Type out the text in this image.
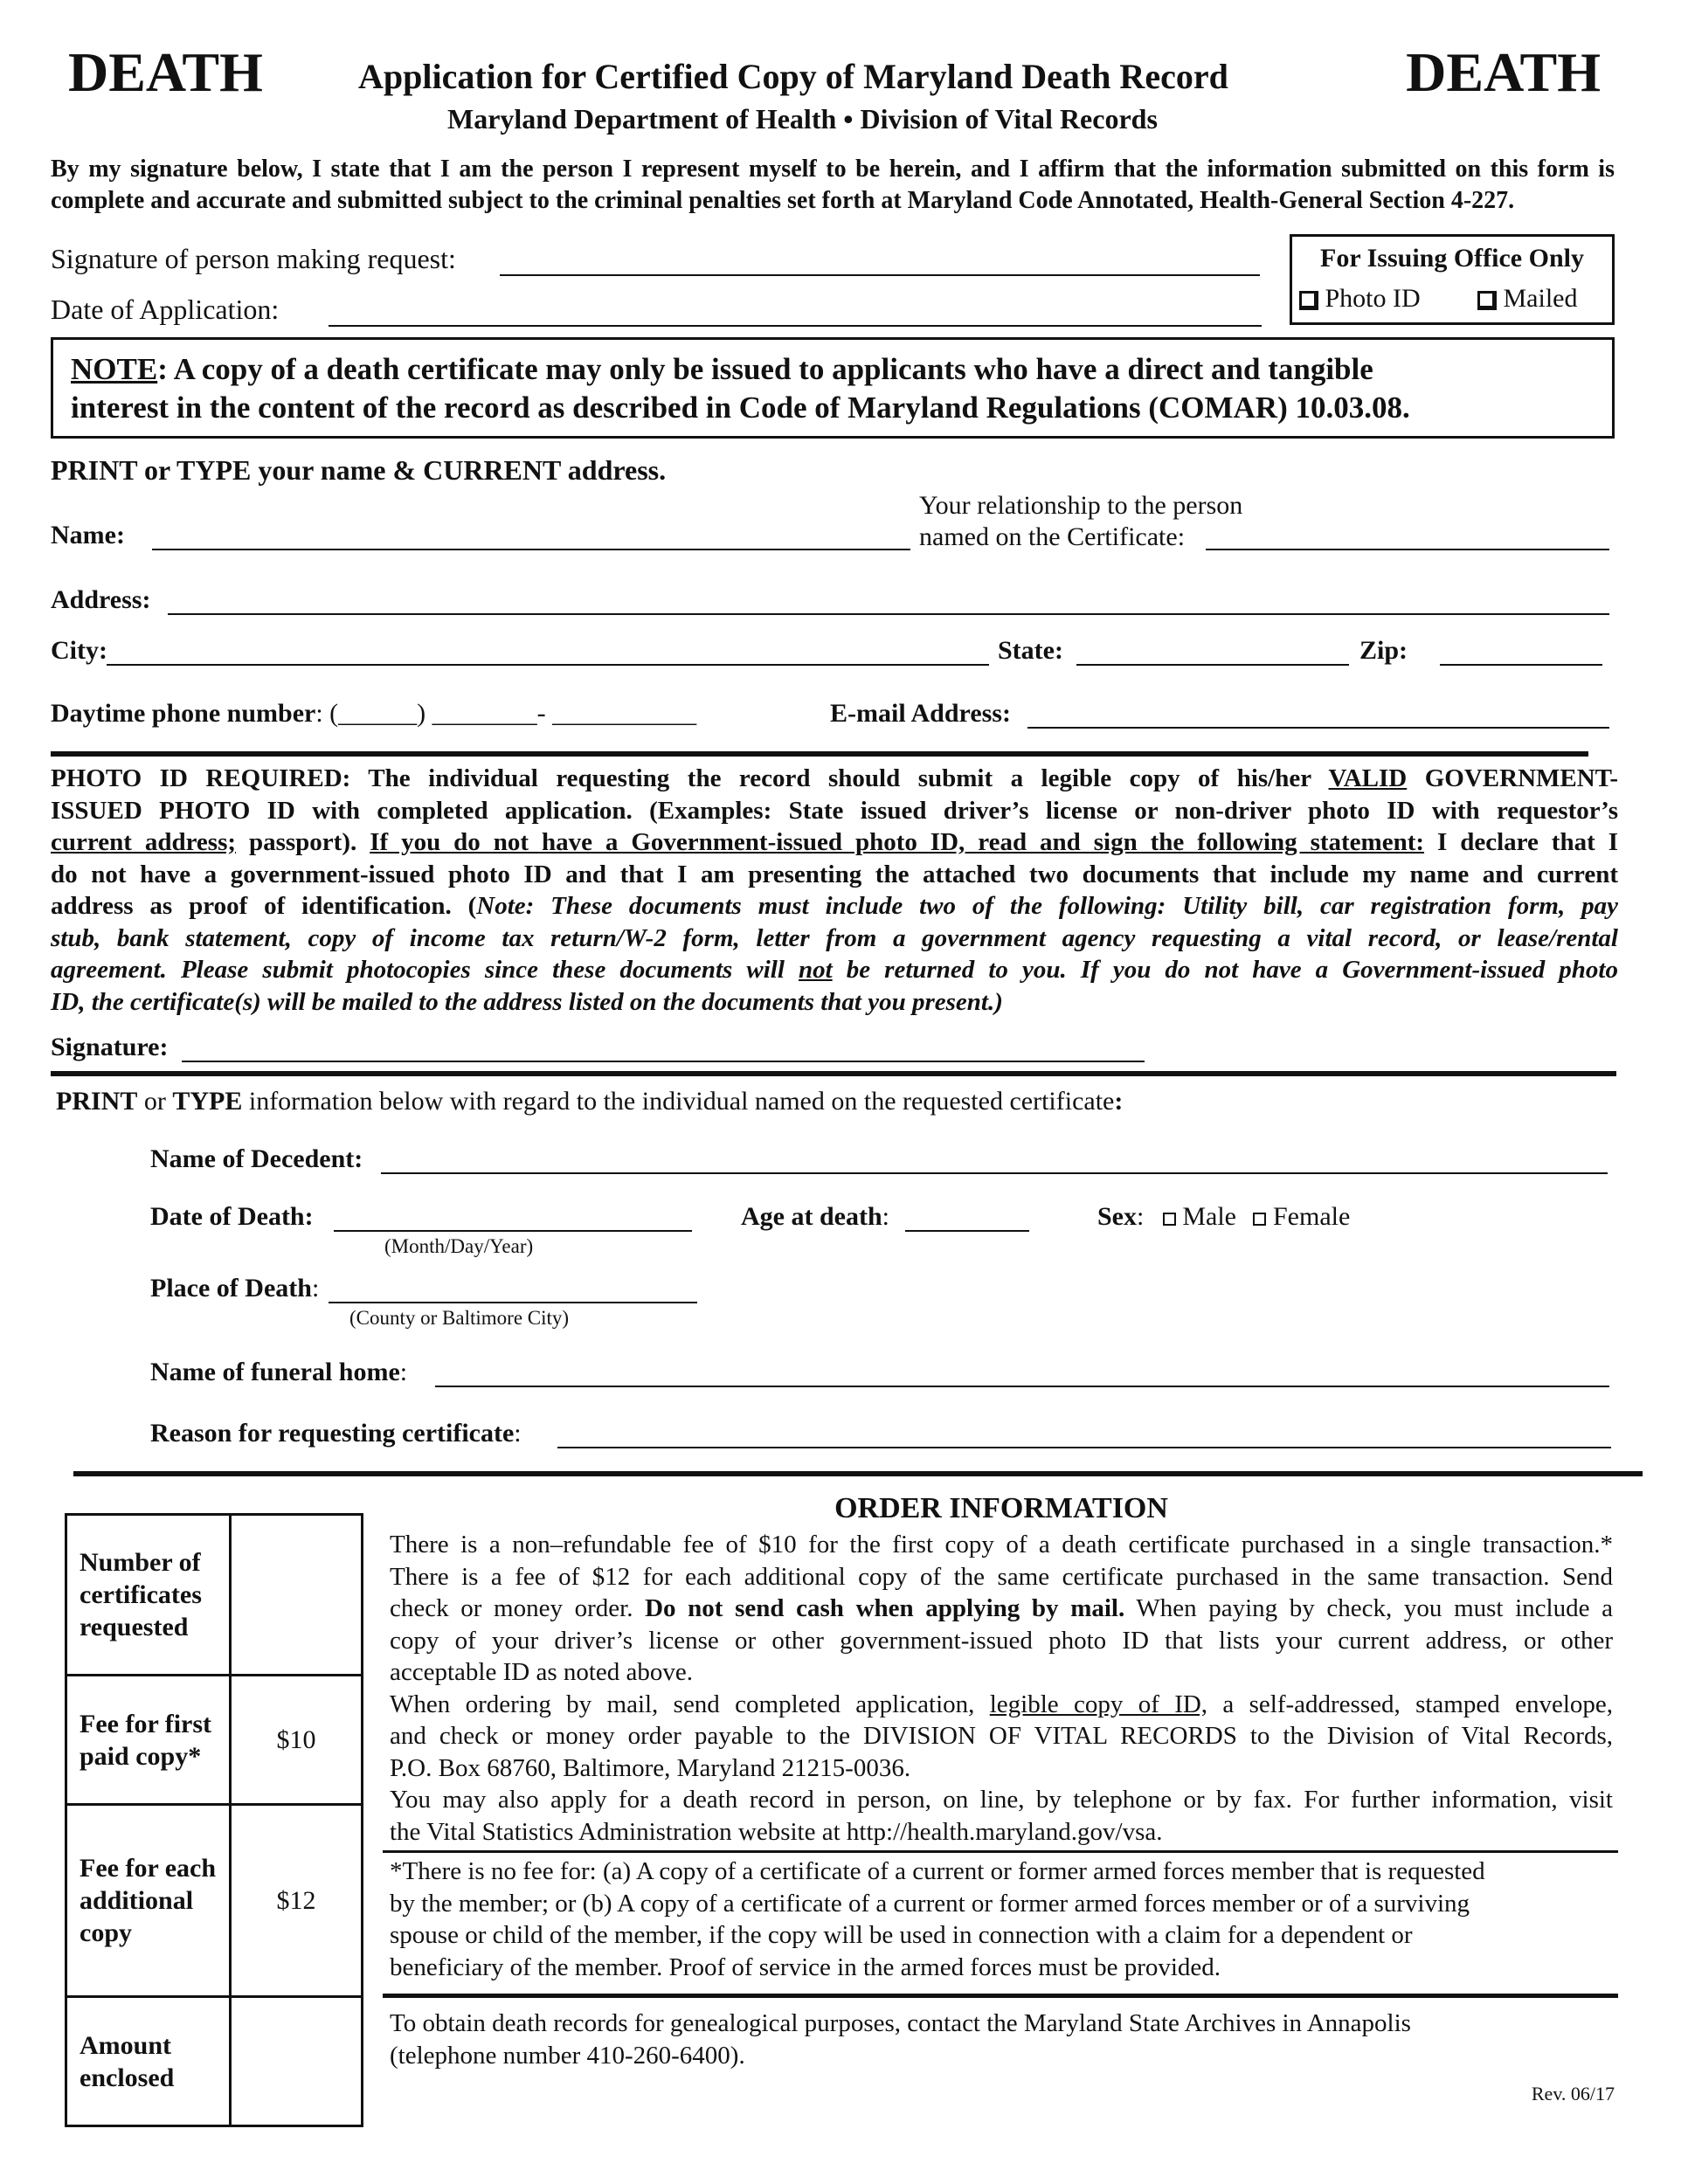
DEATH	DEATH
Application for Certified Copy of Maryland Death Record
Maryland Department of Health • Division of Vital Records
By my signature below, I state that I am the person I represent myself to be herein, and I affirm that the information submitted on this form is
complete and accurate and submitted subject to the criminal penalties set forth at Maryland Code Annotated, Health-General Section 4-227.
Signature of person making request:
Date of Application:
For Issuing Office Only
Photo ID	Mailed
NOTE: A copy of a death certificate may only be issued to applicants who have a direct and tangible
interest in the content of the record as described in Code of Maryland Regulations (COMAR) 10.03.08.
PRINT or TYPE your name & CURRENT address.
Name:
Your relationship to the person
named on the Certificate:
Address:
City:	State:	Zip:
Daytime phone number: (______) ________- ___________	E-mail Address:
PHOTO ID REQUIRED: The individual requesting the record should submit a legible copy of his/her VALID GOVERNMENT-
ISSUED PHOTO ID with completed application. (Examples: State issued driver’s license or non-driver photo ID with requestor’s
current address; passport). If you do not have a Government-issued photo ID, read and sign the following statement: I declare that I
do not have a government-issued photo ID and that I am presenting the attached two documents that include my name and current
address as proof of identification. (Note: These documents must include two of the following: Utility bill, car registration form, pay
stub, bank statement, copy of income tax return/W-2 form, letter from a government agency requesting a vital record, or lease/rental
agreement. Please submit photocopies since these documents will not be returned to you. If you do not have a Government-issued photo
ID, the certificate(s) will be mailed to the address listed on the documents that you present.)
Signature:
PRINT or TYPE information below with regard to the individual named on the requested certificate:
Name of Decedent:
Date of Death:
(Month/Day/Year)
Age at death:	Sex: Male Female
Place of Death:
(County or Baltimore City)
Name of funeral home:
Reason for requesting certificate:
Number of certificates requested	
Fee for first paid copy*	$10
Fee for each additional copy	$12
Amount enclosed	
ORDER INFORMATION
There is a non–refundable fee of $10 for the first copy of a death certificate purchased in a single transaction.*
There is a fee of $12 for each additional copy of the same certificate purchased in the same transaction. Send
check or money order. Do not send cash when applying by mail. When paying by check, you must include a
copy of your driver’s license or other government-issued photo ID that lists your current address, or other
acceptable ID as noted above.
When ordering by mail, send completed application, legible copy of ID, a self-addressed, stamped envelope,
and check or money order payable to the DIVISION OF VITAL RECORDS to the Division of Vital Records,
P.O. Box 68760, Baltimore, Maryland 21215-0036.
You may also apply for a death record in person, on line, by telephone or by fax. For further information, visit
the Vital Statistics Administration website at http://health.maryland.gov/vsa.
*There is no fee for: (a) A copy of a certificate of a current or former armed forces member that is requested
by the member; or (b) A copy of a certificate of a current or former armed forces member or of a surviving
spouse or child of the member, if the copy will be used in connection with a claim for a dependent or
beneficiary of the member. Proof of service in the armed forces must be provided.
To obtain death records for genealogical purposes, contact the Maryland State Archives in Annapolis
(telephone number 410-260-6400).
Rev. 06/17
